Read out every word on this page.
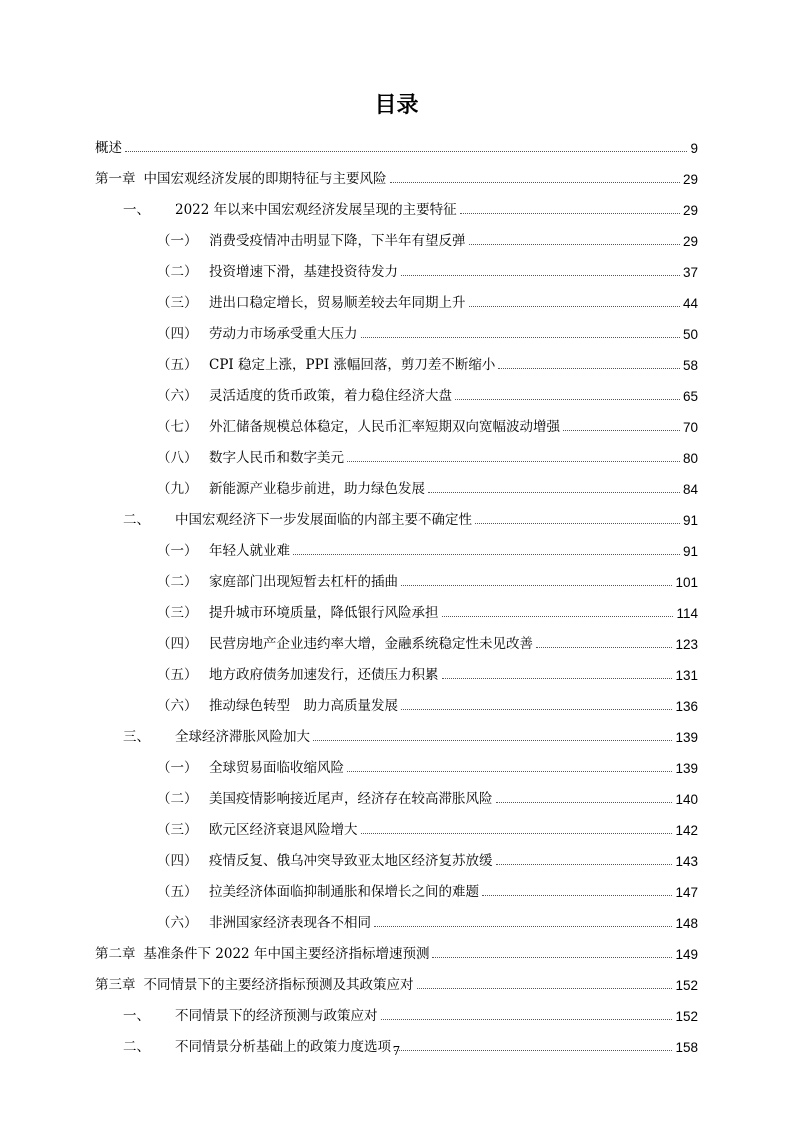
目录
概述	9
第一章 中国宏观经济发展的即期特征与主要风险	29
一、	2022 年以来中国宏观经济发展呈现的主要特征	29
（一） 消费受疫情冲击明显下降，下半年有望反弹	29
（二） 投资增速下滑，基建投资待发力	37
（三） 进出口稳定增长，贸易顺差较去年同期上升	44
（四） 劳动力市场承受重大压力	50
（五） CPI 稳定上涨，PPI 涨幅回落，剪刀差不断缩小	58
（六） 灵活适度的货币政策，着力稳住经济大盘	65
（七） 外汇储备规模总体稳定，人民币汇率短期双向宽幅波动增强	70
（八） 数字人民币和数字美元	80
（九） 新能源产业稳步前进，助力绿色发展	84
二、	中国宏观经济下一步发展面临的内部主要不确定性	91
（一） 年轻人就业难	91
（二） 家庭部门出现短暂去杠杆的插曲	101
（三） 提升城市环境质量，降低银行风险承担	114
（四） 民营房地产企业违约率大增，金融系统稳定性未见改善	123
（五） 地方政府债务加速发行，还债压力积累	131
（六） 推动绿色转型　助力高质量发展	136
三、	全球经济滞胀风险加大	139
（一） 全球贸易面临收缩风险	139
（二） 美国疫情影响接近尾声，经济存在较高滞胀风险	140
（三） 欧元区经济衰退风险增大	142
（四） 疫情反复、俄乌冲突导致亚太地区经济复苏放缓	143
（五） 拉美经济体面临抑制通胀和保增长之间的难题	147
（六） 非洲国家经济表现各不相同	148
第二章 基准条件下 2022 年中国主要经济指标增速预测	149
第三章 不同情景下的主要经济指标预测及其政策应对	152
一、	不同情景下的经济预测与政策应对	152
二、	不同情景分析基础上的政策力度选项	158
7
